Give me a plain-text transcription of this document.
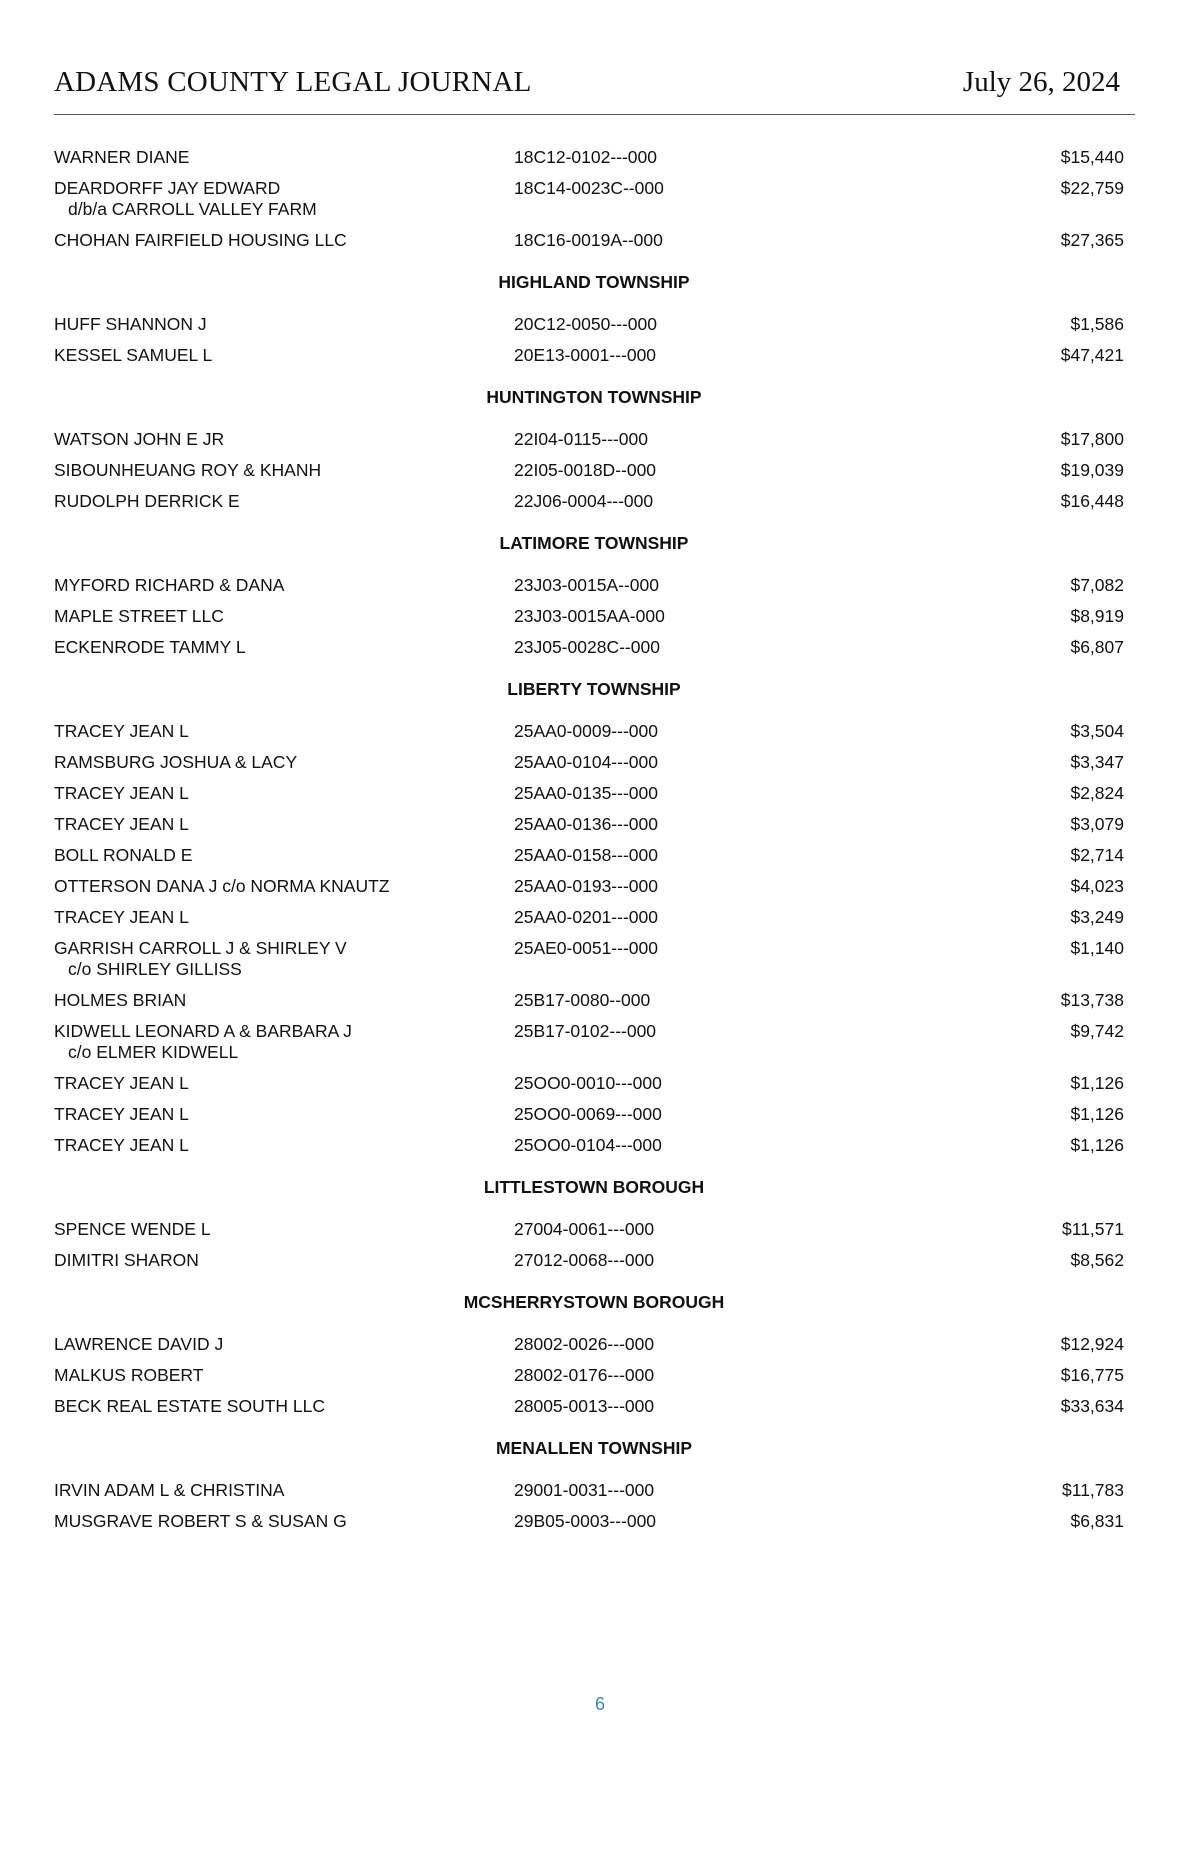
ADAMS COUNTY LEGAL JOURNAL	July 26, 2024
WARNER DIANE	18C12-0102---000	$15,440
DEARDORFF JAY EDWARD
d/b/a CARROLL VALLEY FARM
18C14-0023C--000	$22,759
CHOHAN FAIRFIELD HOUSING LLC	18C16-0019A--000	$27,365
HIGHLAND TOWNSHIP
HUFF SHANNON J	20C12-0050---000	$1,586
KESSEL SAMUEL L	20E13-0001---000	$47,421
HUNTINGTON TOWNSHIP
WATSON JOHN E JR	22I04-0115---000	$17,800
SIBOUNHEUANG ROY & KHANH	22I05-0018D--000	$19,039
RUDOLPH DERRICK E	22J06-0004---000	$16,448
LATIMORE TOWNSHIP
MYFORD RICHARD & DANA	23J03-0015A--000	$7,082
MAPLE STREET LLC	23J03-0015AA-000	$8,919
ECKENRODE TAMMY L	23J05-0028C--000	$6,807
LIBERTY TOWNSHIP
TRACEY JEAN L	25AA0-0009---000	$3,504
RAMSBURG JOSHUA & LACY	25AA0-0104---000	$3,347
TRACEY JEAN L	25AA0-0135---000	$2,824
TRACEY JEAN L	25AA0-0136---000	$3,079
BOLL RONALD E	25AA0-0158---000	$2,714
OTTERSON DANA J c/o NORMA KNAUTZ	25AA0-0193---000	$4,023
TRACEY JEAN L	25AA0-0201---000	$3,249
GARRISH CARROLL J & SHIRLEY V
c/o SHIRLEY GILLISS
25AE0-0051---000	$1,140
HOLMES BRIAN	25B17-0080--000	$13,738
KIDWELL LEONARD A & BARBARA J
c/o ELMER KIDWELL
25B17-0102---000	$9,742
TRACEY JEAN L	25OO0-0010---000	$1,126
TRACEY JEAN L	25OO0-0069---000	$1,126
TRACEY JEAN L	25OO0-0104---000	$1,126
LITTLESTOWN BOROUGH
SPENCE WENDE L	27004-0061---000	$11,571
DIMITRI SHARON	27012-0068---000	$8,562
MCSHERRYSTOWN BOROUGH
LAWRENCE DAVID J	28002-0026---000	$12,924
MALKUS ROBERT	28002-0176---000	$16,775
BECK REAL ESTATE SOUTH LLC	28005-0013---000	$33,634
MENALLEN TOWNSHIP
IRVIN ADAM L & CHRISTINA	29001-0031---000	$11,783
MUSGRAVE ROBERT S & SUSAN G	29B05-0003---000	$6,831
6
